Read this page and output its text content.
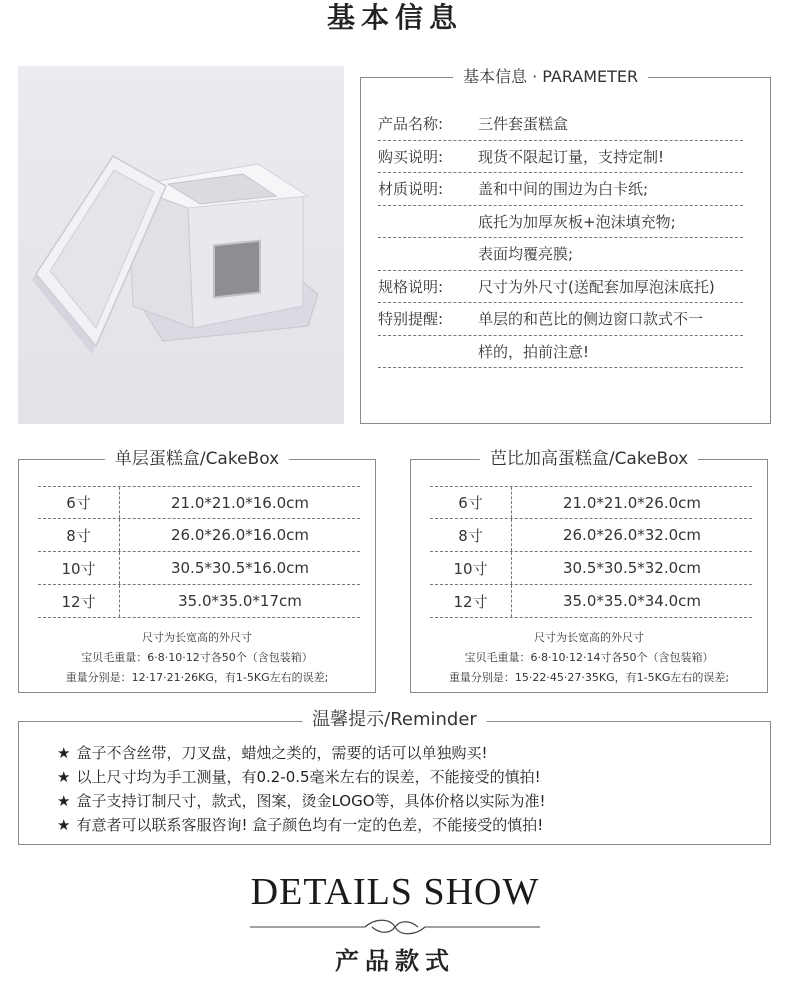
基本信息
基本信息 · PARAMETER
产品名称:	三件套蛋糕盒
购买说明:	现货不限起订量，支持定制!
材质说明:	盖和中间的围边为白卡纸;
底托为加厚灰板+泡沫填充物;
表面均覆亮膜;
规格说明:	尺寸为外尺寸(送配套加厚泡沫底托)
特别提醒:	单层的和芭比的侧边窗口款式不一
样的，拍前注意!
单层蛋糕盒/CakeBox
6寸	21.0*21.0*16.0cm
8寸	26.0*26.0*16.0cm
10寸	30.5*30.5*16.0cm
12寸	35.0*35.0*17cm
尺寸为长宽高的外尺寸
宝贝毛重量：6·8·10·12寸各50个（含包装箱）
重量分别是：12·17·21·26KG，有1-5KG左右的误差;
芭比加高蛋糕盒/CakeBox
6寸	21.0*21.0*26.0cm
8寸	26.0*26.0*32.0cm
10寸	30.5*30.5*32.0cm
12寸	35.0*35.0*34.0cm
尺寸为长宽高的外尺寸
宝贝毛重量：6·8·10·12·14寸各50个（含包装箱）
重量分别是：15·22·45·27·35KG，有1-5KG左右的误差;
温馨提示/Reminder
★ 盒子不含丝带，刀叉盘，蜡烛之类的，需要的话可以单独购买!
★ 以上尺寸均为手工测量，有0.2-0.5毫米左右的误差，不能接受的慎拍!
★ 盒子支持订制尺寸，款式，图案，烫金LOGO等，具体价格以实际为准!
★ 有意者可以联系客服咨询! 盒子颜色均有一定的色差，不能接受的慎拍!
DETAILS SHOW
产品款式
